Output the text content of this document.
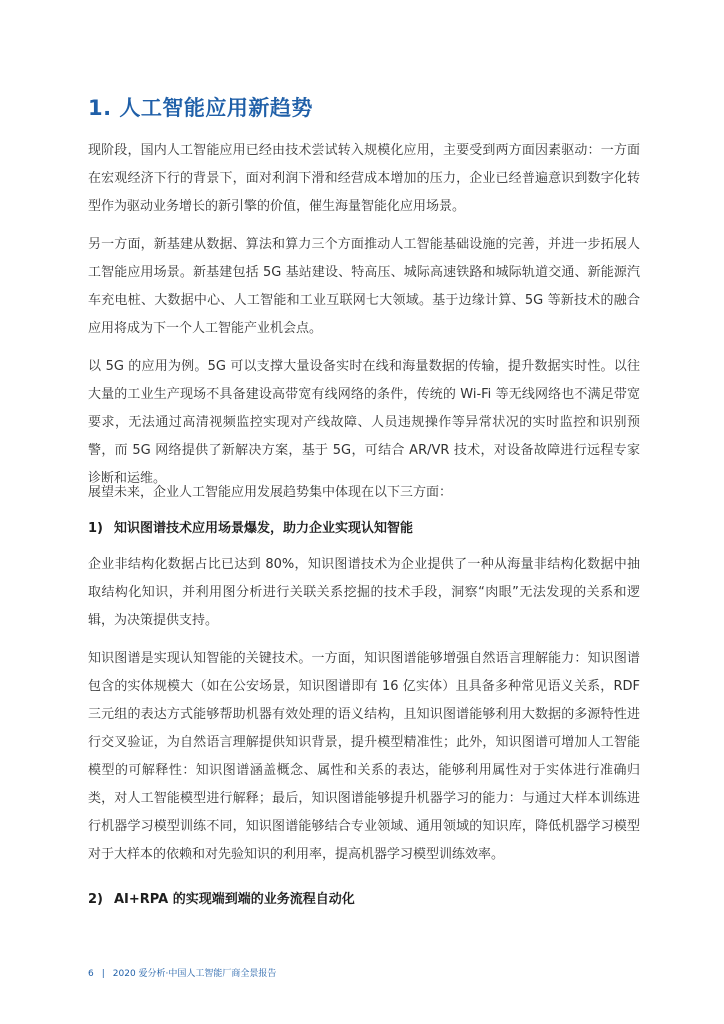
1. 人工智能应用新趋势
现阶段，国内人工智能应用已经由技术尝试转入规模化应用，主要受到两方面因素驱动：一方面在宏观经济下行的背景下，面对利润下滑和经营成本增加的压力，企业已经普遍意识到数字化转型作为驱动业务增长的新引擎的价值，催生海量智能化应用场景。
另一方面，新基建从数据、算法和算力三个方面推动人工智能基础设施的完善，并进一步拓展人工智能应用场景。新基建包括 5G 基站建设、特高压、城际高速铁路和城际轨道交通、新能源汽车充电桩、大数据中心、人工智能和工业互联网七大领域。基于边缘计算、5G 等新技术的融合应用将成为下一个人工智能产业机会点。
以 5G 的应用为例。5G 可以支撑大量设备实时在线和海量数据的传输，提升数据实时性。以往大量的工业生产现场不具备建设高带宽有线网络的条件，传统的 Wi-Fi 等无线网络也不满足带宽要求，无法通过高清视频监控实现对产线故障、人员违规操作等异常状况的实时监控和识别预警，而 5G 网络提供了新解决方案，基于 5G，可结合 AR/VR 技术，对设备故障进行远程专家诊断和运维。
展望未来，企业人工智能应用发展趋势集中体现在以下三方面：
1) 知识图谱技术应用场景爆发，助力企业实现认知智能
企业非结构化数据占比已达到 80%，知识图谱技术为企业提供了一种从海量非结构化数据中抽取结构化知识，并利用图分析进行关联关系挖掘的技术手段，洞察“肉眼”无法发现的关系和逻辑，为决策提供支持。
知识图谱是实现认知智能的关键技术。一方面，知识图谱能够增强自然语言理解能力：知识图谱包含的实体规模大（如在公安场景，知识图谱即有 16 亿实体）且具备多种常见语义关系，RDF 三元组的表达方式能够帮助机器有效处理的语义结构，且知识图谱能够利用大数据的多源特性进行交叉验证，为自然语言理解提供知识背景，提升模型精准性；此外，知识图谱可增加人工智能模型的可解释性：知识图谱涵盖概念、属性和关系的表达，能够利用属性对于实体进行准确归类，对人工智能模型进行解释；最后，知识图谱能够提升机器学习的能力：与通过大样本训练进行机器学习模型训练不同，知识图谱能够结合专业领域、通用领域的知识库，降低机器学习模型对于大样本的依赖和对先验知识的利用率，提高机器学习模型训练效率。
2) AI+RPA 的实现端到端的业务流程自动化
6 | 2020 爱分析·中国人工智能厂商全景报告
